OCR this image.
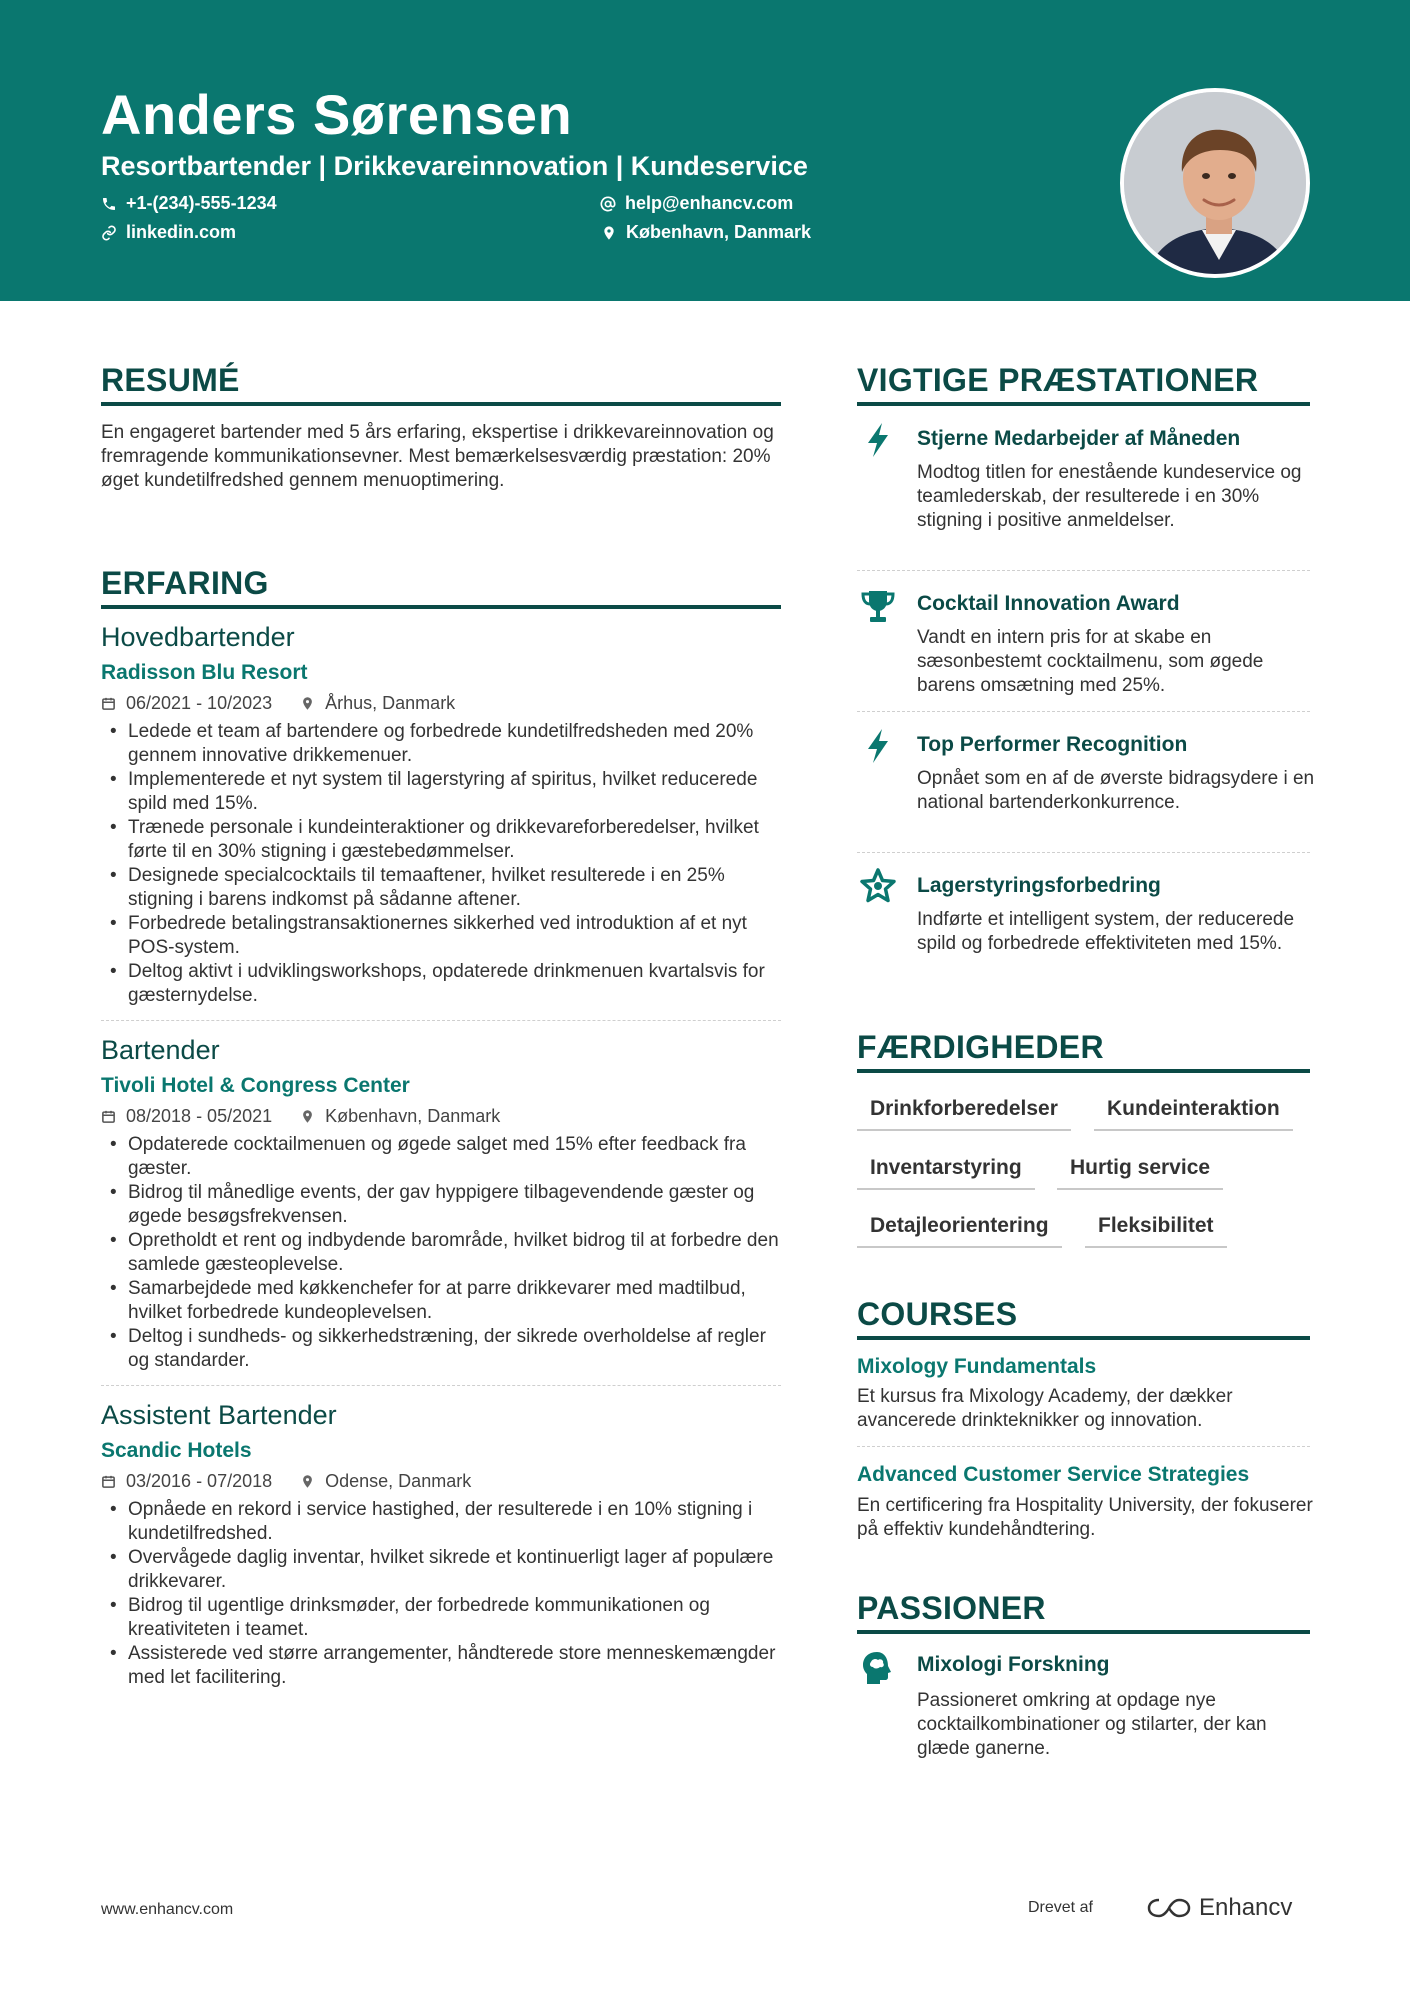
Anders Sørensen
Resortbartender | Drikkevareinnovation | Kundeservice
+1-(234)-555-1234	help@enhancv.com
linkedin.com	København, Danmark
RESUMÉ
En engageret bartender med 5 års erfaring, ekspertise i drikkevareinnovation og fremragende kommunikationsevner. Mest bemærkelsesværdig præstation: 20% øget kundetilfredshed gennem menuoptimering.
ERFARING
Hovedbartender
Radisson Blu Resort
06/2021 - 10/2023	Århus, Danmark
• Ledede et team af bartendere og forbedrede kundetilfredsheden med 20% gennem innovative drikkemenuer.
• Implementerede et nyt system til lagerstyring af spiritus, hvilket reducerede spild med 15%.
• Trænede personale i kundeinteraktioner og drikkevareforberedelser, hvilket førte til en 30% stigning i gæstebedømmelser.
• Designede specialcocktails til temaaftener, hvilket resulterede i en 25% stigning i barens indkomst på sådanne aftener.
• Forbedrede betalingstransaktionernes sikkerhed ved introduktion af et nyt POS-system.
• Deltog aktivt i udviklingsworkshops, opdaterede drinkmenuen kvartalsvis for gæsternydelse.
Bartender
Tivoli Hotel & Congress Center
08/2018 - 05/2021	København, Danmark
• Opdaterede cocktailmenuen og øgede salget med 15% efter feedback fra gæster.
• Bidrog til månedlige events, der gav hyppigere tilbagevendende gæster og øgede besøgsfrekvensen.
• Opretholdt et rent og indbydende barområde, hvilket bidrog til at forbedre den samlede gæsteoplevelse.
• Samarbejdede med køkkenchefer for at parre drikkevarer med madtilbud, hvilket forbedrede kundeoplevelsen.
• Deltog i sundheds- og sikkerhedstræning, der sikrede overholdelse af regler og standarder.
Assistent Bartender
Scandic Hotels
03/2016 - 07/2018	Odense, Danmark
• Opnåede en rekord i service hastighed, der resulterede i en 10% stigning i kundetilfredshed.
• Overvågede daglig inventar, hvilket sikrede et kontinuerligt lager af populære drikkevarer.
• Bidrog til ugentlige drinksmøder, der forbedrede kommunikationen og kreativiteten i teamet.
• Assisterede ved større arrangementer, håndterede store menneskemængder med let facilitering.
VIGTIGE PRÆSTATIONER
Stjerne Medarbejder af Måneden
Modtog titlen for enestående kundeservice og teamlederskab, der resulterede i en 30% stigning i positive anmeldelser.
Cocktail Innovation Award
Vandt en intern pris for at skabe en sæsonbestemt cocktailmenu, som øgede barens omsætning med 25%.
Top Performer Recognition
Opnået som en af de øverste bidragsydere i en national bartenderkonkurrence.
Lagerstyringsforbedring
Indførte et intelligent system, der reducerede spild og forbedrede effektiviteten med 15%.
FÆRDIGHEDER
Drinkforberedelser	Kundeinteraktion
Inventarstyring	Hurtig service
Detajleorientering	Fleksibilitet
COURSES
Mixology Fundamentals
Et kursus fra Mixology Academy, der dækker avancerede drinkteknikker og innovation.
Advanced Customer Service Strategies
En certificering fra Hospitality University, der fokuserer på effektiv kundehåndtering.
PASSIONER
Mixologi Forskning
Passioneret omkring at opdage nye cocktailkombinationer og stilarter, der kan glæde ganerne.
www.enhancv.com	Drevet af	Enhancv
